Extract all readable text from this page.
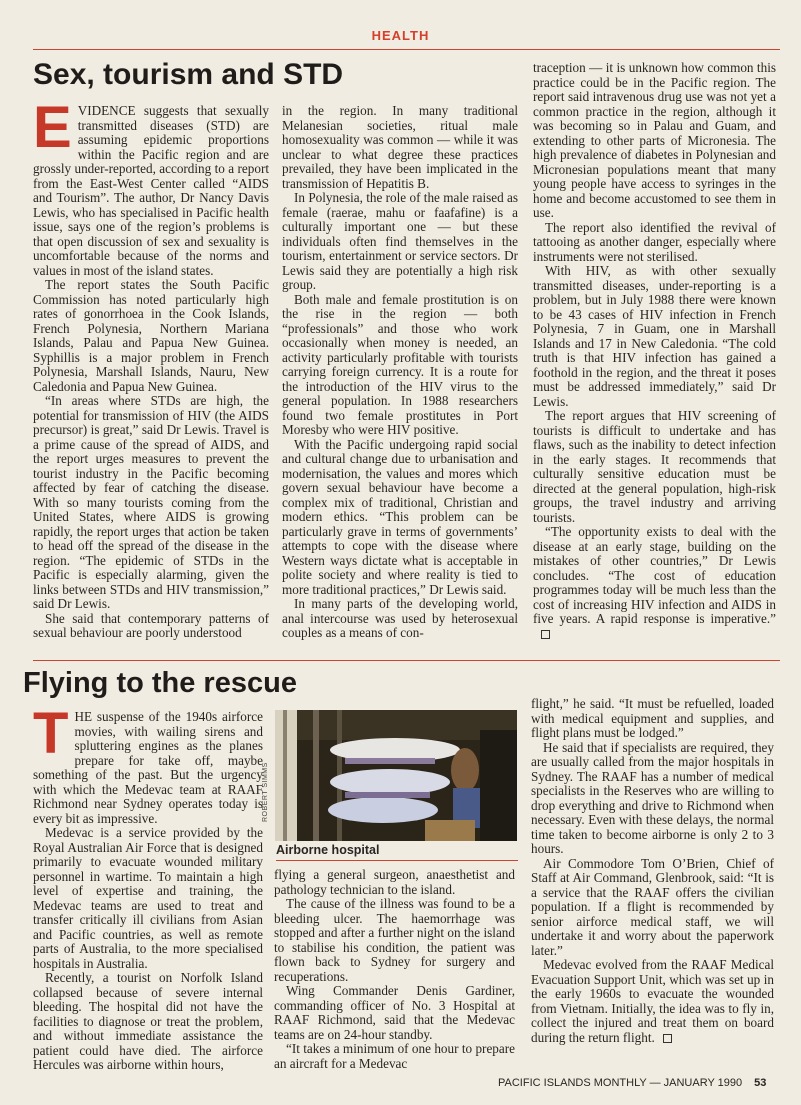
HEALTH
Sex, tourism and STD
E VIDENCE suggests that sexually transmitted diseases (STD) are assuming epidemic proportions within the Pacific region and are grossly under-reported, according to a report from the East-West Center called “AIDS and Tourism”. The author, Dr Nancy Davis Lewis, who has specialised in Pacific health issue, says one of the region’s problems is that open discussion of sex and sexuality is uncomfortable because of the norms and values in most of the island states.

The report states the South Pacific Commission has noted particularly high rates of gonorrhoea in the Cook Islands, French Polynesia, Northern Mariana Islands, Palau and Papua New Guinea. Syphillis is a major problem in French Polynesia, Marshall Islands, Nauru, New Caledonia and Papua New Guinea.

“In areas where STDs are high, the potential for transmission of HIV (the AIDS precursor) is great,” said Dr Lewis. Travel is a prime cause of the spread of AIDS, and the report urges measures to prevent the tourist industry in the Pacific becoming affected by fear of catching the disease. With so many tourists coming from the United States, where AIDS is growing rapidly, the report urges that action be taken to head off the spread of the disease in the region. “The epidemic of STDs in the Pacific is especially alarming, given the links between STDs and HIV transmission,” said Dr Lewis.

She said that contemporary patterns of sexual behaviour are poorly understood

in the region. In many traditional Melanesian societies, ritual male homosexuality was common — while it was unclear to what degree these practices prevailed, they have been implicated in the transmission of Hepatitis B.

In Polynesia, the role of the male raised as female (raerae, mahu or faafafine) is a culturally important one — but these individuals often find themselves in the tourism, entertainment or service sectors. Dr Lewis said they are potentially a high risk group.

Both male and female prostitution is on the rise in the region — both “professionals” and those who work occasionally when money is needed, an activity particularly profitable with tourists carrying foreign currency. It is a route for the introduction of the HIV virus to the general population. In 1988 researchers found two female prostitutes in Port Moresby who were HIV positive.

With the Pacific undergoing rapid social and cultural change due to urbanisation and modernisation, the values and mores which govern sexual behaviour have become a complex mix of traditional, Christian and modern ethics. “This problem can be particularly grave in terms of governments’ attempts to cope with the disease where Western ways dictate what is acceptable in polite society and where reality is tied to more traditional practices,” Dr Lewis said.

In many parts of the developing world, anal intercourse was used by heterosexual couples as a means of con-

traception — it is unknown how common this practice could be in the Pacific region. The report said intravenous drug use was not yet a common practice in the region, although it was becoming so in Palau and Guam, and extending to other parts of Micronesia. The high prevalence of diabetes in Polynesian and Micronesian populations meant that many young people have access to syringes in the home and become accustomed to see them in use.

The report also identified the revival of tattooing as another danger, especially where instruments were not sterilised.

With HIV, as with other sexually transmitted diseases, under-reporting is a problem, but in July 1988 there were known to be 43 cases of HIV infection in French Polynesia, 7 in Guam, one in Marshall Islands and 17 in New Caledonia. “The cold truth is that HIV infection has gained a foothold in the region, and the threat it poses must be addressed immediately,” said Dr Lewis.

The report argues that HIV screening of tourists is difficult to undertake and has flaws, such as the inability to detect infection in the early stages. It recommends that culturally sensitive education must be directed at the general population, high-risk groups, the travel industry and arriving tourists.

“The opportunity exists to deal with the disease at an early stage, building on the mistakes of other countries,” Dr Lewis concludes. “The cost of education programmes today will be much less than the cost of increasing HIV infection and AIDS in five years. A rapid response is imperative.”

Flying to the rescue
T HE suspense of the 1940s airforce movies, with wailing sirens and spluttering engines as the planes prepare for take off, maybe something of the past. But the urgency with which the Medevac team at RAAF Richmond near Sydney operates today is every bit as impressive.

Medevac is a service provided by the Royal Australian Air Force that is designed primarily to evacuate wounded military personnel in wartime. To maintain a high level of expertise and training, the Medevac teams are used to treat and transfer critically ill civilians from Asian and Pacific countries, as well as remote parts of Australia, to the more specialised hospitals in Australia.

Recently, a tourist on Norfolk Island collapsed because of severe internal bleeding. The hospital did not have the facilities to diagnose or treat the problem, and without immediate assistance the patient could have died. The airforce Hercules was airborne within hours,

ROBERT SIMMS
Airborne hospital

flying a general surgeon, anaesthetist and pathology technician to the island.

The cause of the illness was found to be a bleeding ulcer. The haemorrhage was stopped and after a further night on the island to stabilise his condition, the patient was flown back to Sydney for surgery and recuperations.

Wing Commander Denis Gardiner, commanding officer of No. 3 Hospital at RAAF Richmond, said that the Medevac teams are on 24-hour standby.

“It takes a minimum of one hour to prepare an aircraft for a Medevac

flight,” he said. “It must be refuelled, loaded with medical equipment and supplies, and flight plans must be lodged.”

He said that if specialists are required, they are usually called from the major hospitals in Sydney. The RAAF has a number of medical specialists in the Reserves who are willing to drop everything and drive to Richmond when necessary. Even with these delays, the normal time taken to become airborne is only 2 to 3 hours.

Air Commodore Tom O’Brien, Chief of Staff at Air Command, Glenbrook, said: “It is a service that the RAAF offers the civilian population. If a flight is recommended by senior airforce medical staff, we will undertake it and worry about the paperwork later.”

Medevac evolved from the RAAF Medical Evacuation Support Unit, which was set up in the early 1960s to evacuate the wounded from Vietnam. Initially, the idea was to fly in, collect the injured and treat them on board during the return flight.

PACIFIC ISLANDS MONTHLY — JANUARY 1990 53
